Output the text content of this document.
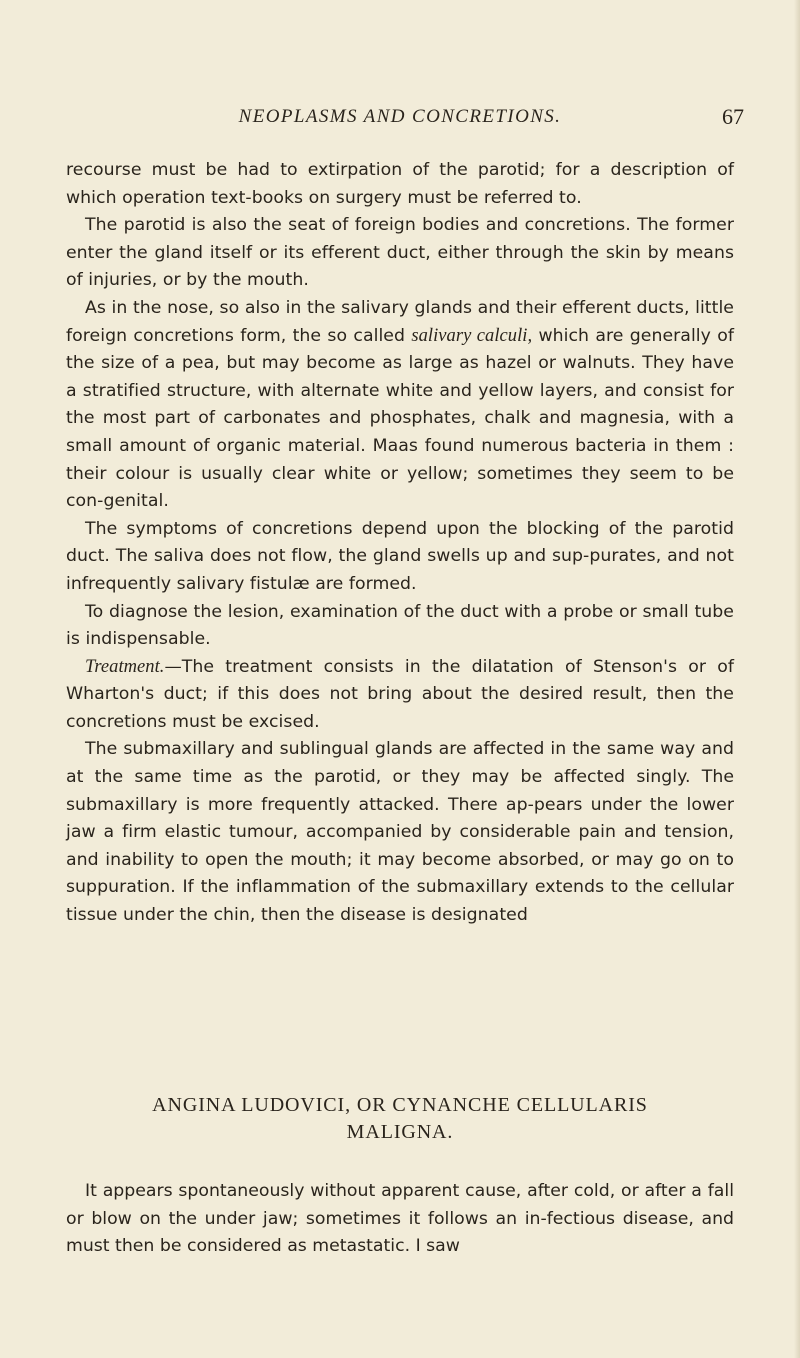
NEOPLASMS AND CONCRETIONS.	67

recourse must be had to extirpation of the parotid; for a description of which operation text-books on surgery must be referred to.

The parotid is also the seat of foreign bodies and concretions. The former enter the gland itself or its efferent duct, either through the skin by means of injuries, or by the mouth.

As in the nose, so also in the salivary glands and their efferent ducts, little foreign concretions form, the so called salivary calculi, which are generally of the size of a pea, but may become as large as hazel or walnuts. They have a stratified structure, with alternate white and yellow layers, and consist for the most part of carbonates and phosphates, chalk and magnesia, with a small amount of organic material. Maas found numerous bacteria in them : their colour is usually clear white or yellow; sometimes they seem to be con-genital.

The symptoms of concretions depend upon the blocking of the parotid duct. The saliva does not flow, the gland swells up and sup-purates, and not infrequently salivary fistulæ are formed.

To diagnose the lesion, examination of the duct with a probe or small tube is indispensable.

Treatment.—The treatment consists in the dilatation of Stenson's or of Wharton's duct; if this does not bring about the desired result, then the concretions must be excised.

The submaxillary and sublingual glands are affected in the same way and at the same time as the parotid, or they may be affected singly. The submaxillary is more frequently attacked. There ap-pears under the lower jaw a firm elastic tumour, accompanied by considerable pain and tension, and inability to open the mouth; it may become absorbed, or may go on to suppuration. If the inflammation of the submaxillary extends to the cellular tissue under the chin, then the disease is designated

ANGINA LUDOVICI, OR CYNANCHE CELLULARIS
MALIGNA.

It appears spontaneously without apparent cause, after cold, or after a fall or blow on the under jaw; sometimes it follows an in-fectious disease, and must then be considered as metastatic. I saw
